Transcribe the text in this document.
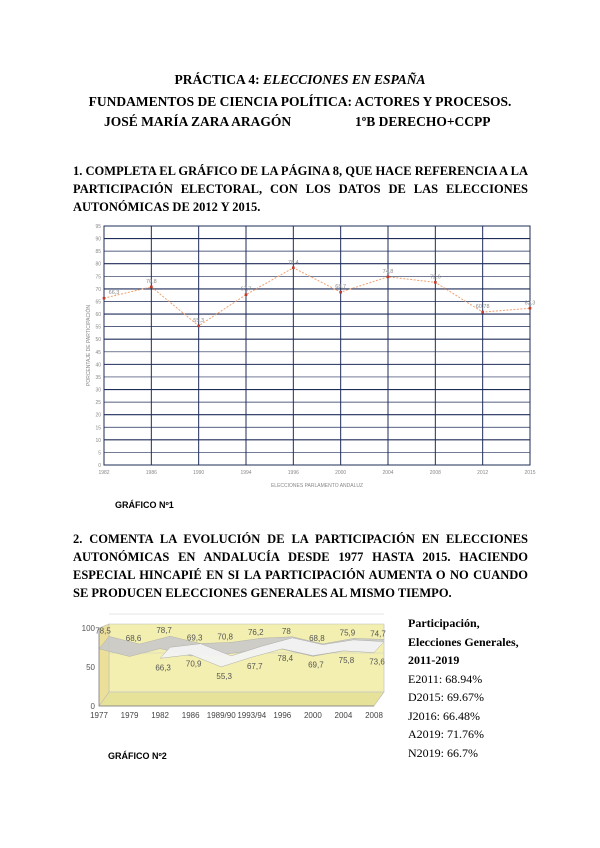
PRÁCTICA 4: ELECCIONES EN ESPAÑA
FUNDAMENTOS DE CIENCIA POLÍTICA: ACTORES Y PROCESOS.
JOSÉ MARÍA ZARA ARAGÓN	1ºB DERECHO+CCPP
1. COMPLETA EL GRÁFICO DE LA PÁGINA 8, QUE HACE REFERENCIA A LA PARTICIPACIÓN ELECTORAL, CON LOS DATOS DE LAS ELECCIONES AUTONÓMICAS DE 2012 Y 2015.
0
5
10
15
20
25
30
35
40
45
50
55
60
65
70
75
80
85
90
95
1982	1986	1990	1994	1996	2000	2004	2008	2012	2015
66,3
70,8
55,3
67,7
78,4
68,7
74,8
72,6
60,78
62,3
PORCENTAJE DE PARTICIPACIÓN
ELECCIONES PARLAMENTO ANDALUZ
GRÁFICO Nº1
2. COMENTA LA EVOLUCIÓN DE LA PARTICIPACIÓN EN ELECCIONES AUTONÓMICAS EN ANDALUCÍA DESDE 1977 HASTA 2015. HACIENDO ESPECIAL HINCAPIÉ EN SI LA PARTICIPACIÓN AUMENTA O NO CUANDO SE PRODUCEN ELECCIONES GENERALES AL MISMO TIEMPO.
0
50
100
1977 1979 1982 1986 1989/90 1993/94 1996 2000 2004 2008
78,5
68,6
78,7
69,3 70,8 76,2 78
68,8
75,9 74,7
66,3 70,9
55,3
67,7
78,4
69,7
75,8 73,6
GRÁFICO Nº2
Participación,
Elecciones Generales,
2011-2019
E2011: 68.94%
D2015: 69.67%
J2016: 66.48%
A2019: 71.76%
N2019: 66.7%
